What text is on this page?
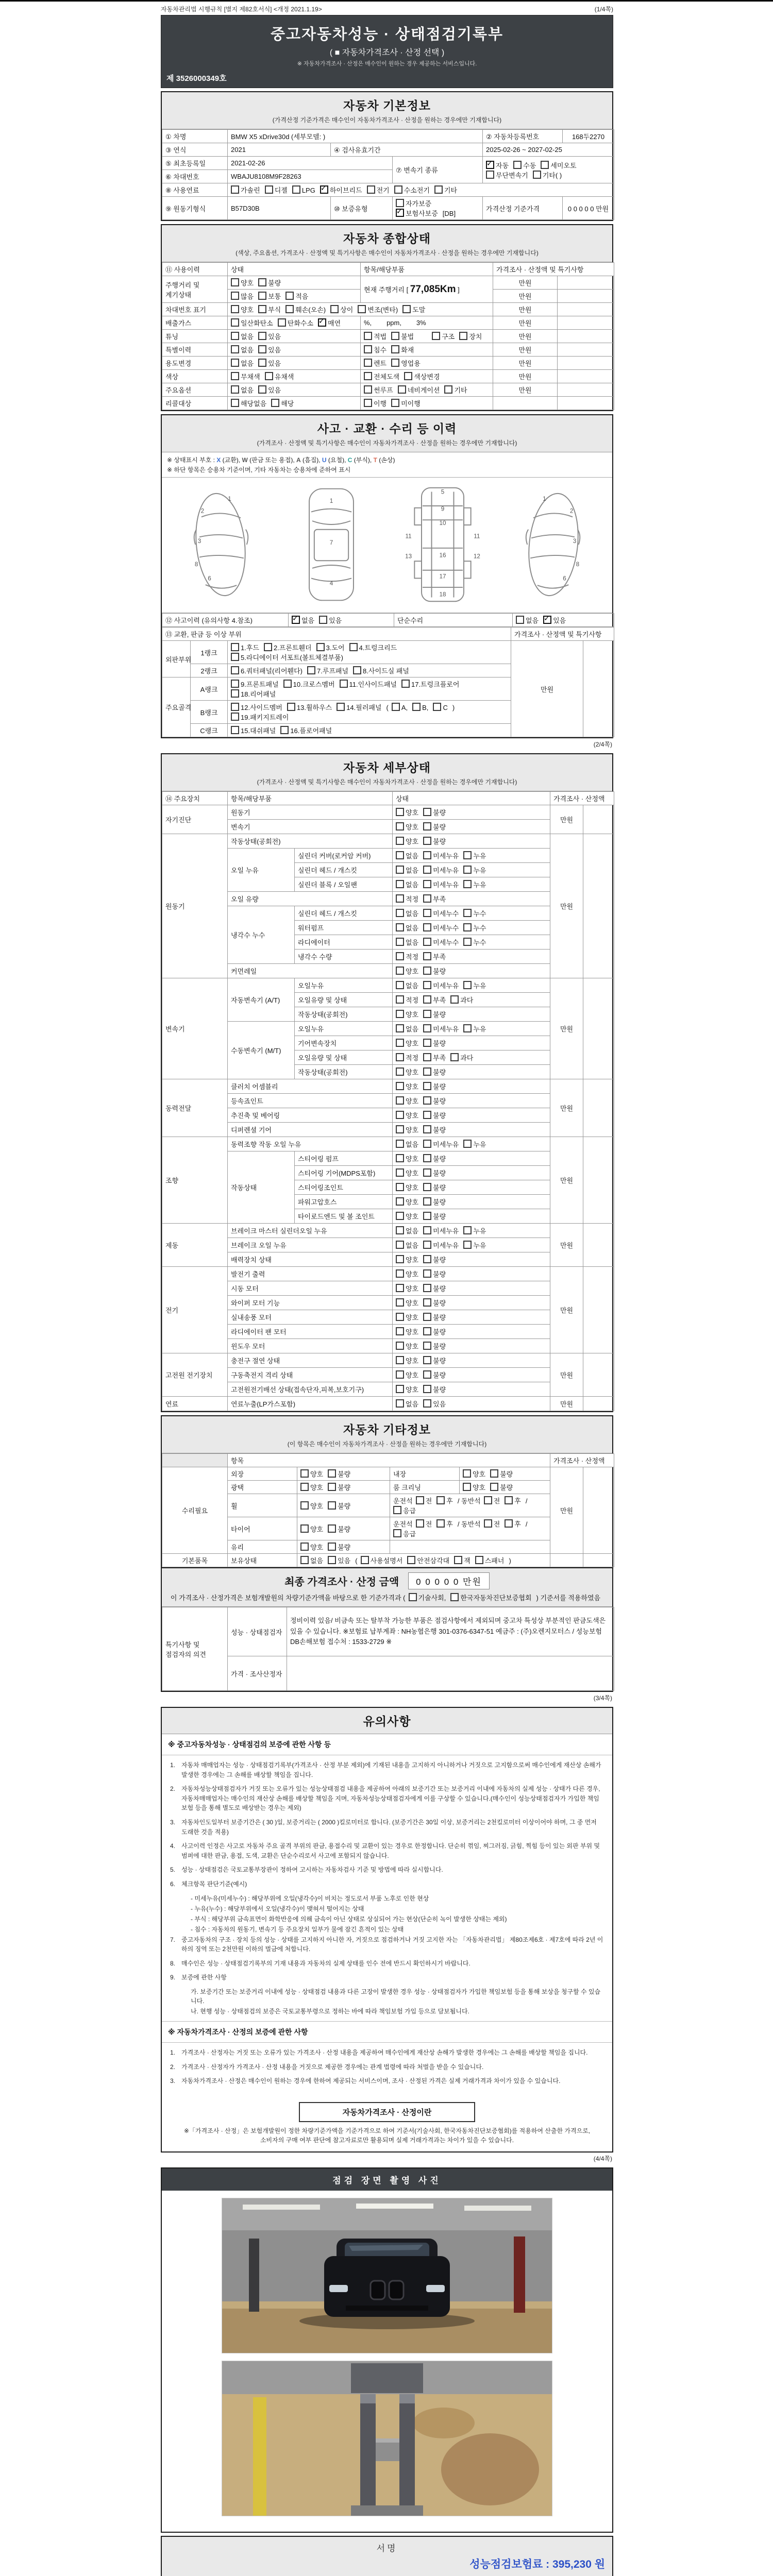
자동차관리법 시행규칙 [별지 제82호서식] <개정 2021.1.19>	(1/4쪽)
중고자동차성능 · 상태점검기록부
( ■ 자동차가격조사 · 산정 선택 )
※ 자동차가격조사 · 산정은 매수인이 원하는 경우 제공하는 서비스입니다.
제 3526000349호
자동차 기본정보
(가격산정 기준가격은 매수인이 자동차가격조사 · 산정을 원하는 경우에만 기재합니다)
① 차명	BMW X5 xDrive30d (세부모델: )			② 자동차등록번호	168두2270
③ 연식	2021	④ 검사유효기간		2025-02-26 ~ 2027-02-25	
⑤ 최초등록일	2021-02-26		⑦ 변속기 종류	
✓자동 수동 세미오토
무단변속기 기타( )

⑥ 차대번호	WBAJU8108M9F28263				
⑧ 사용연료	가솔린 디젤 LPG ✓ 하이브리드 전기 수소전기 기타
⑨ 원동기형식	B57D30B	⑩ 보증유형	자가보증✓보험사보증 [DB]	가격산정 기준가격	0 0 0 0 0 만원
자동차 종합상태
(색상, 주요옵션, 가격조사 · 산정액 및 특기사항은 매수인이 자동차가격조사 · 산정을 원하는 경우에만 기재합니다)
⑪ 사용이력	상태	항목/해당부품	가격조사 · 산정액 및 특기사항	
주행거리 및 계기상태	양호 불량	현재 주행거리 [ 77,085Km ]	만원	
	많음 보통 적음		만원	
차대번호 표기	양호 부식 훼손(오손) 상이 변조(변타) 도말		만원	
배출가스	일산화탄소 탄화수소 ✓ 매연	%,        ppm,        3%	만원	
튜닝	없음 있음	적법 불법 구조 장치	만원	
특별이력	없음 있음	침수 화재	만원	
용도변경	없음 있음	렌트 영업용	만원	
색상	무채색 유채색	전체도색 색상변경	만원	
주요옵션	없음 있음	썬루프 네비게이션 기타	만원	
리콜대상	해당없음 해당	이행 미이행		
사고 · 교환 · 수리 등 이력
(가격조사 · 산정액 및 특기사항은 매수인이 자동차가격조사 · 산정을 원하는 경우에만 기재합니다)
※ 상태표시 부호 : X (교환), W (판금 또는 용접), A (흠집), U (요철), C (부식), T (손상)
※ 하단 항목은 승용차 기준이며, 기타 자동차는 승용차에 준하여 표시
1
2
3
8
6
1
7
4
5
9
10
11	11
13	12
16
17
18
1
2
3
8
6
⑫ 사고이력 (유의사항 4.참조)	✓없음 있음	단순수리	없음 ✓ 있음
⑬ 교환, 판금 등 이상 부위			가격조사 · 산정액 및 특기사항	
외판부위	1랭크	1.후드 2.프론트휀더 3.도어 4.트렁크리드5.라디에이터 서포트(볼트체결부품)	만원	
	2랭크	6.쿼터패널(리어휀다) 7.루프패널 8.사이드실 패널		
주요골격	A랭크	9.프론트패널 10.크로스멤버 11.인사이드패널 17.트렁크플로어18.리어패널		
	B랭크	12.사이드멤버 13.휠하우스 14.필러패널 ( A, B, C )19.패키지트레이		
	C랭크	15.대쉬패널 16.플로어패널		
(2/4쪽)
자동차 세부상태
(가격조사 · 산정액 및 특기사항은 매수인이 자동차가격조사 · 산정을 원하는 경우에만 기재합니다)
⑭ 주요장치	항목/해당부품		상태	가격조사 · 산정액	
자기진단	원동기		양호 불량	만원	
	변속기		양호 불량		
원동기	작동상태(공회전)		양호 불량	만원	
	오일 누유	실린더 커버(로커암 커버)	없음 미세누유 누유		
		실린더 헤드 / 개스킷	없음 미세누유 누유		
		실린더 블록 / 오일팬	없음 미세누유 누유		
	오일 유량		적정 부족		
	냉각수 누수	실린더 헤드 / 개스킷	없음 미세누수 누수		
		워터펌프	없음 미세누수 누수		
		라디에이터	없음 미세누수 누수		
		냉각수 수량	적정 부족		
	커먼레일		양호 불량		
변속기	자동변속기 (A/T)	오일누유	없음 미세누유 누유	만원	
		오일유량 및 상태	적정 부족 과다		
		작동상태(공회전)	양호 불량		
	수동변속기 (M/T)	오일누유	없음 미세누유 누유		
		기어변속장치	양호 불량		
		오일유량 및 상태	적정 부족 과다		
		작동상태(공회전)	양호 불량		
동력전달	클러치 어셈블리		양호 불량	만원	
	등속죠인트		양호 불량		
	추진축 및 베어링		양호 불량		
	디퍼렌셜 기어		양호 불량		
조향	동력조향 작동 오일 누유		없음 미세누유 누유	만원	
	작동상태	스티어링 펌프	양호 불량		
		스티어링 기어(MDPS포함)	양호 불량		
		스티어링조인트	양호 불량		
		파워고압호스	양호 불량		
		타이로드엔드 및 볼 조인트	양호 불량		
제동	브레이크 마스터 실린더오일 누유		없음 미세누유 누유	만원	
	브레이크 오일 누유		없음 미세누유 누유		
	배력장치 상태		양호 불량		
전기	발전기 출력		양호 불량	만원	
	시동 모터		양호 불량		
	와이퍼 모터 기능		양호 불량		
	실내송풍 모터		양호 불량		
	라디에이터 팬 모터		양호 불량		
	윈도우 모터		양호 불량		
고전원 전기장치	충전구 절연 상태		양호 불량	만원	
	구동축전지 격리 상태		양호 불량		
	고전원전기배선 상태(접속단자,피복,보호기구)		양호 불량		
연료	연료누출(LP가스포함)		없음 있음	만원	
자동차 기타정보
(이 항목은 매수인이 자동차가격조사 · 산정을 원하는 경우에만 기재합니다)
	항목				가격조사 · 산정액	
수리필요	외장	양호 불량	내장	양호 불량	만원	
	광택	양호 불량	룸 크리닝	양호 불량		
	휠	양호 불량	운전석 전 후 / 동반석 전 후 /응급			
	타이어	양호 불량	운전석 전 후 / 동반석 전 후 /응급			
	유리	양호 불량				
기본품목	보유상태	없음 있음 ( 사용설명서 안전삼각대 잭 스패너 )				
최종 가격조사 · 산정 금액	0 0 0 0 0 만원
이 가격조사 · 산정가격은 보험개발원의 차량기준가액을 바탕으로 한 기준가격과 ( 기술사회, 한국자동차진단보증협회 ) 기준서를 적용하였음
특기사항 및 점검자의 의견	성능 · 상태점검자	정비이력 있음/ 비금속 또는 탈부착 가능한 부품은 점검사항에서 제외되며 중고차 특성상 부분적인 판금도색은 있을 수 있습니다. ※보험료 납부계좌 : NH농협은행 301-0376-6347-51 예금주 : (주)오렌지모터스 / 성능보험 DB손해보험 접수처 : 1533-2729 ※
	가격 · 조사산정자	
(3/4쪽)
유의사항
※ 중고자동차성능 · 상태점검의 보증에 관한 사항 등
1. 자동차 매매업자는 성능 · 상태점검기록부(가격조사 · 산정 부분 제외)에 기재된 내용을 고지하지 아니하거나 거짓으로 고지함으로써 매수인에게 재산상 손해가 발생한 경우에는 그 손해를 배상할 책임을 집니다.
2. 자동차성능상태점검자가 거짓 또는 오류가 있는 성능상태점검 내용을 제공하여 아래의 보증기간 또는 보증거리 이내에 자동차의 실제 성능 · 상태가 다른 경우, 자동차매매업자는 매수인의 재산상 손해를 배상할 책임을 지며, 자동차성능상태점검자에게 이를 구상할 수 있습니다.(매수인이 성능상태점검자가 가입한 책임보험 등을 통해 별도로 배상받는 경우는 제외)
3. 자동차인도일부터 보증기간은 ( 30 )일, 보증거리는 ( 2000 )킬로미터로 합니다. (보증기간은 30일 이상, 보증거리는 2천킬로미터 이상이어야 하며, 그 중 먼저 도래한 것을 적용)
4. 사고이력 인정은 사고로 자동차 주요 골격 부위의 판금, 용접수리 및 교환이 있는 경우로 한정합니다. 단순히 꺾임, 찌그러짐, 긁힘, 찍힘 등이 있는 외판 부위 및 범퍼에 대한 판금, 용접, 도색, 교환은 단순수리로서 사고에 포함되지 않습니다.
5. 성능 · 상태점검은 국토교통부장관이 정하여 고시하는 자동차검사 기준 및 방법에 따라 실시합니다.
6. 체크항목 판단기준(예시)
- 미세누유(미세누수) : 해당부위에 오일(냉각수)이 비치는 정도로서 부품 노후로 인한 현상
- 누유(누수) : 해당부위에서 오일(냉각수)이 맺혀서 떨어지는 상태
- 부식 : 해당부위 금속표면이 화학반응에 의해 금속이 아닌 상태로 상실되어 가는 현상(단순히 녹이 발생한 상태는 제외)
- 침수 : 자동차의 원동기, 변속기 등 주요장치 일부가 물에 잠긴 흔적이 있는 상태
7. 중고자동차의 구조 · 장치 등의 성능 · 상태를 고지하지 아니한 자, 거짓으로 점검하거나 거짓 고지한 자는 「자동차관리법」 제80조제6호 · 제7호에 따라 2년 이하의 징역 또는 2천만원 이하의 벌금에 처합니다.
8. 매수인은 성능 · 상태점검기록부의 기재 내용과 자동차의 실제 상태를 인수 전에 반드시 확인하시기 바랍니다.
9. 보증에 관한 사항
가. 보증기간 또는 보증거리 이내에 성능 · 상태점검 내용과 다른 고장이 발생한 경우 성능 · 상태점검자가 가입한 책임보험 등을 통해 보상을 청구할 수 있습니다.
나. 현행 성능 · 상태점검의 보증은 국토교통부령으로 정하는 바에 따라 책임보험 가입 등으로 담보됩니다.
※ 자동차가격조사 · 산정의 보증에 관한 사항
1. 가격조사 · 산정자는 거짓 또는 오류가 있는 가격조사 · 산정 내용을 제공하여 매수인에게 재산상 손해가 발생한 경우에는 그 손해를 배상할 책임을 집니다.
2. 가격조사 · 산정자가 가격조사 · 산정 내용을 거짓으로 제공한 경우에는 관계 법령에 따라 처벌을 받을 수 있습니다.
3. 자동차가격조사 · 산정은 매수인이 원하는 경우에 한하여 제공되는 서비스이며, 조사 · 산정된 가격은 실제 거래가격과 차이가 있을 수 있습니다.
자동차가격조사 · 산정이란
※「가격조사 · 산정」은 보험개발원이 정한 차량기준가액을 기준가격으로 하여 기준서(기술사회, 한국자동차진단보증협회)를 적용하여 산출한 가격으로, 소비자의 구매 여부 판단에 참고자료로만 활용되며 실제 거래가격과는 차이가 있을 수 있습니다.
(4/4쪽)
점검 장면 촬영 사진
서명
성능점검보험료 : 395,230 원
